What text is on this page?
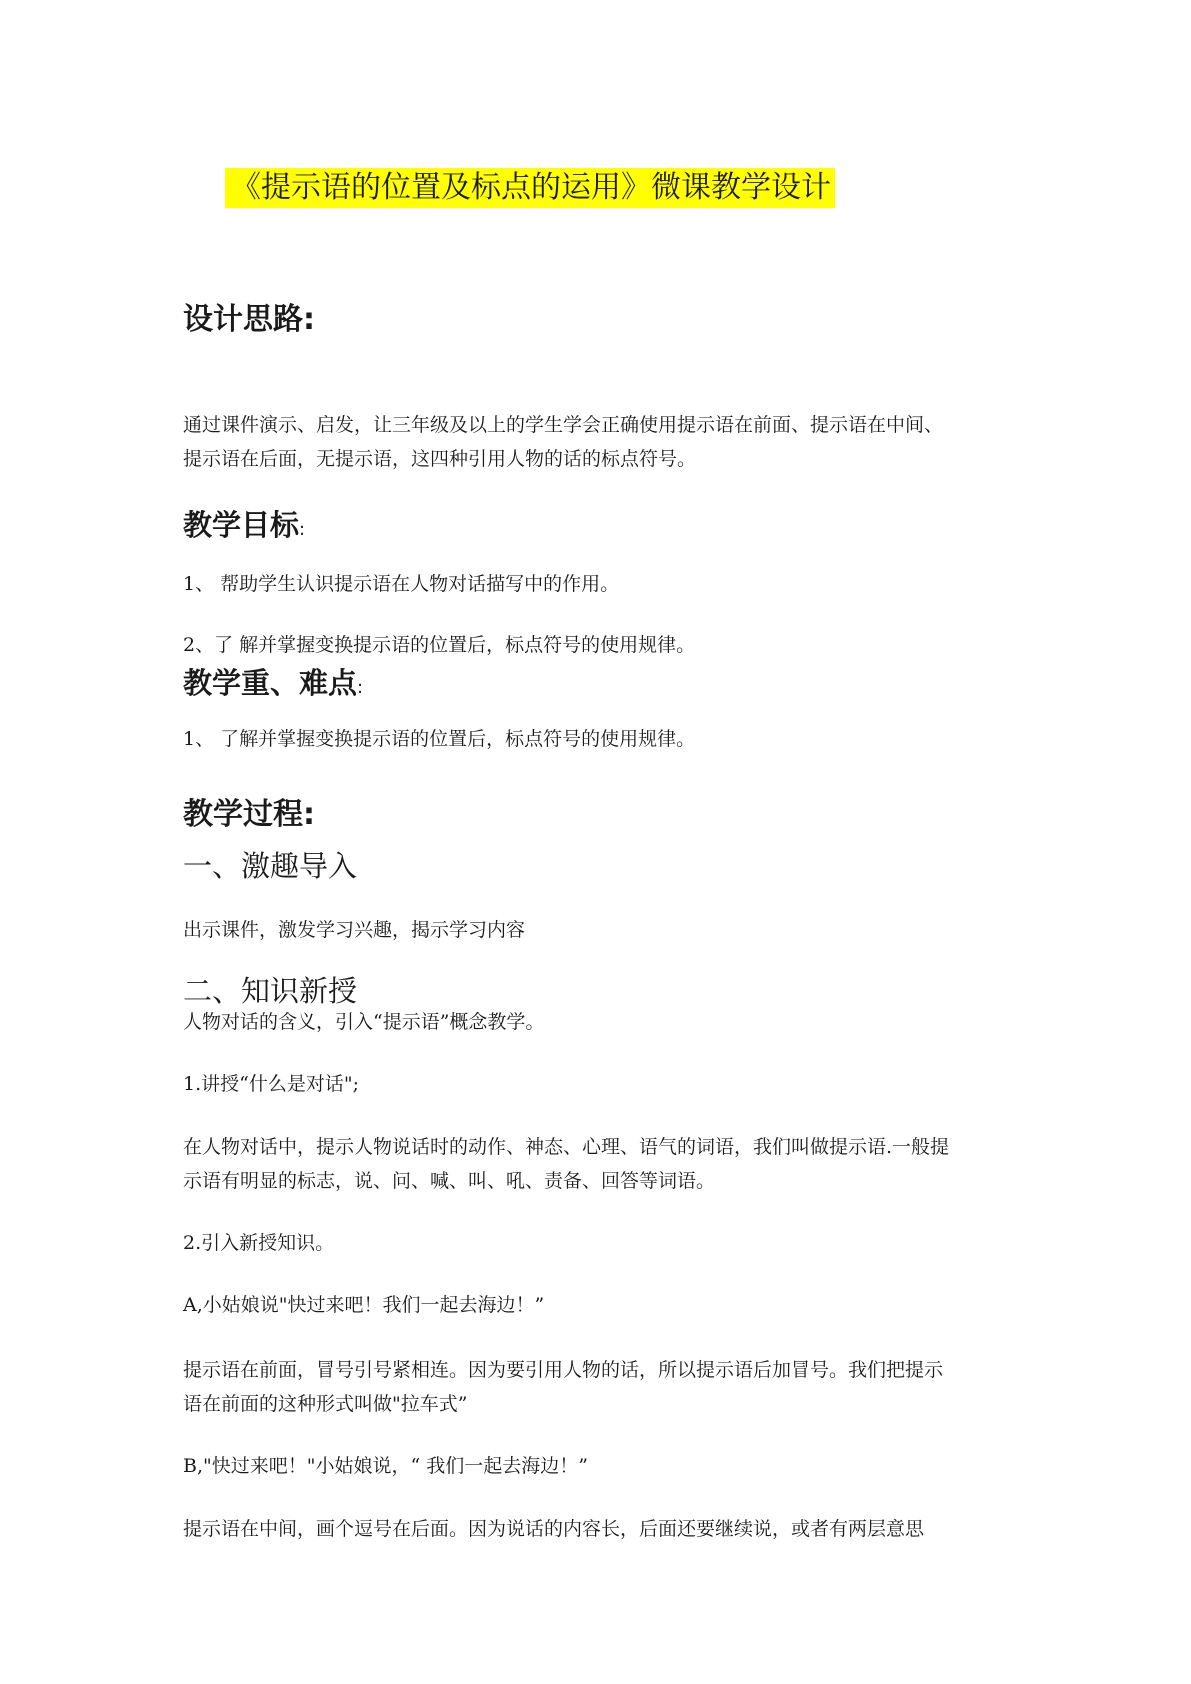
《提示语的位置及标点的运用》微课教学设计
设计思路:
通过课件演示、启发，让三年级及以上的学生学会正确使用提示语在前面、提示语在中间、
提示语在后面，无提示语，这四种引用人物的话的标点符号。
教学目标:
1、 帮助学生认识提示语在人物对话描写中的作用。
2、了 解并掌握变换提示语的位置后，标点符号的使用规律。
教学重、难点:
1、 了解并掌握变换提示语的位置后，标点符号的使用规律。
教学过程:
一、激趣导入
出示课件，激发学习兴趣，揭示学习内容
二、知识新授
人物对话的含义，引入“提示语”概念教学。
1.讲授“什么是对话";
在人物对话中，提示人物说话时的动作、神态、心理、语气的词语，我们叫做提示语.一般提
示语有明显的标志，说、问、喊、叫、吼、责备、回答等词语。
2.引入新授知识。
A,小姑娘说"快过来吧！我们一起去海边！”
提示语在前面，冒号引号紧相连。因为要引用人物的话，所以提示语后加冒号。我们把提示
语在前面的这种形式叫做"拉车式”
B,"快过来吧！"小姑娘说，“ 我们一起去海边！”
提示语在中间，画个逗号在后面。因为说话的内容长，后面还要继续说，或者有两层意思
